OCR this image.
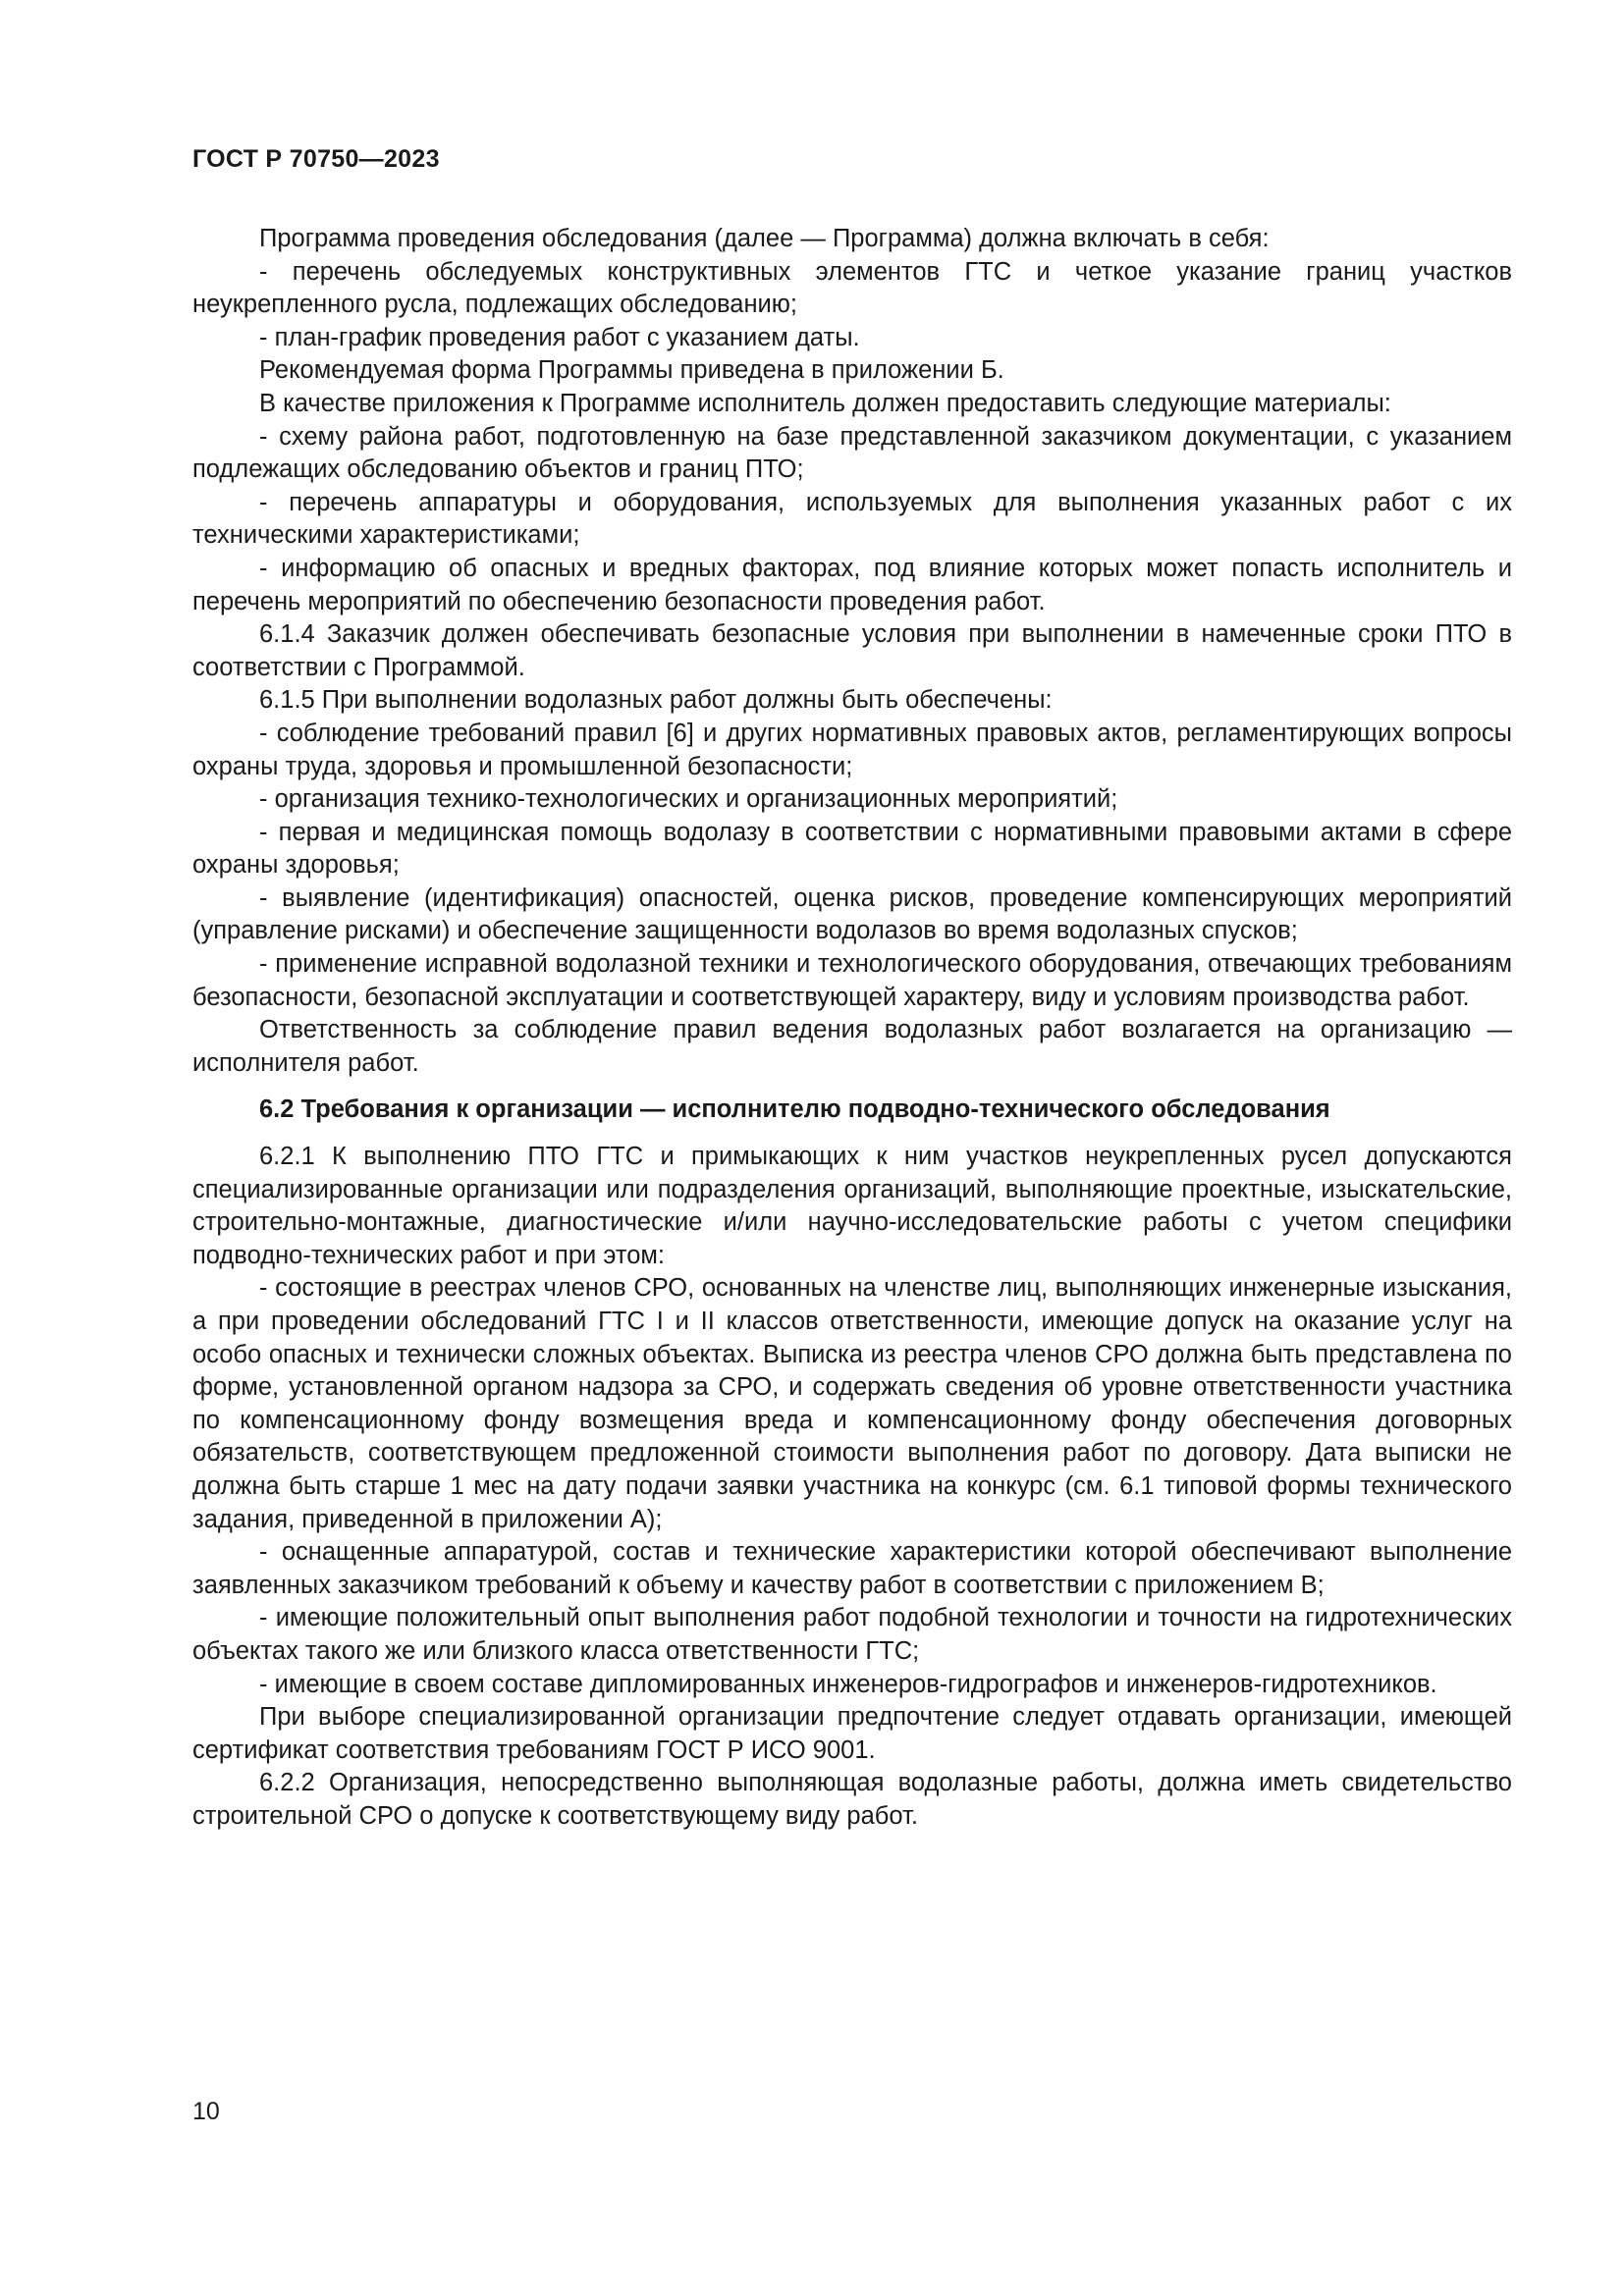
ГОСТ Р 70750—2023

Программа проведения обследования (далее — Программа) должна включать в себя:

- перечень обследуемых конструктивных элементов ГТС и четкое указание границ участков неукрепленного русла, подлежащих обследованию;

- план-график проведения работ с указанием даты.

Рекомендуемая форма Программы приведена в приложении Б.

В качестве приложения к Программе исполнитель должен предоставить следующие материалы:

- схему района работ, подготовленную на базе представленной заказчиком документации, с указанием подлежащих обследованию объектов и границ ПТО;

- перечень аппаратуры и оборудования, используемых для выполнения указанных работ с их техническими характеристиками;

- информацию об опасных и вредных факторах, под влияние которых может попасть исполнитель и перечень мероприятий по обеспечению безопасности проведения работ.

6.1.4 Заказчик должен обеспечивать безопасные условия при выполнении в намеченные сроки ПТО в соответствии с Программой.

6.1.5 При выполнении водолазных работ должны быть обеспечены:

- соблюдение требований правил [6] и других нормативных правовых актов, регламентирующих вопросы охраны труда, здоровья и промышленной безопасности;

- организация технико-технологических и организационных мероприятий;

- первая и медицинская помощь водолазу в соответствии с нормативными правовыми актами в сфере охраны здоровья;

- выявление (идентификация) опасностей, оценка рисков, проведение компенсирующих мероприятий (управление рисками) и обеспечение защищенности водолазов во время водолазных спусков;

- применение исправной водолазной техники и технологического оборудования, отвечающих требованиям безопасности, безопасной эксплуатации и соответствующей характеру, виду и условиям производства работ.

Ответственность за соблюдение правил ведения водолазных работ возлагается на организацию — исполнителя работ.

6.2 Требования к организации — исполнителю подводно-технического обследования

6.2.1 К выполнению ПТО ГТС и примыкающих к ним участков неукрепленных русел допускаются специализированные организации или подразделения организаций, выполняющие проектные, изыскательские, строительно-монтажные, диагностические и/или научно-исследовательские работы с учетом специфики подводно-технических работ и при этом:

- состоящие в реестрах членов СРО, основанных на членстве лиц, выполняющих инженерные изыскания, а при проведении обследований ГТС I и II классов ответственности, имеющие допуск на оказание услуг на особо опасных и технически сложных объектах. Выписка из реестра членов СРО должна быть представлена по форме, установленной органом надзора за СРО, и содержать сведения об уровне ответственности участника по компенсационному фонду возмещения вреда и компенсационному фонду обеспечения договорных обязательств, соответствующем предложенной стоимости выполнения работ по договору. Дата выписки не должна быть старше 1 мес на дату подачи заявки участника на конкурс (см. 6.1 типовой формы технического задания, приведенной в приложении А);

- оснащенные аппаратурой, состав и технические характеристики которой обеспечивают выполнение заявленных заказчиком требований к объему и качеству работ в соответствии с приложением В;

- имеющие положительный опыт выполнения работ подобной технологии и точности на гидротехнических объектах такого же или близкого класса ответственности ГТС;

- имеющие в своем составе дипломированных инженеров-гидрографов и инженеров-гидротехников.

При выборе специализированной организации предпочтение следует отдавать организации, имеющей сертификат соответствия требованиям ГОСТ Р ИСО 9001.

6.2.2 Организация, непосредственно выполняющая водолазные работы, должна иметь свидетельство строительной СРО о допуске к соответствующему виду работ.

10
